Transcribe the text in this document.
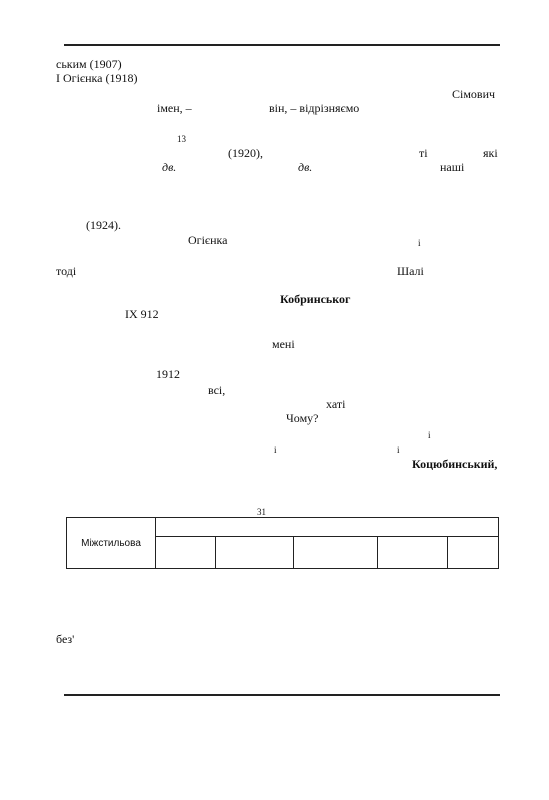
ським (1907)
І Огієнка (1918)
Сімович
імен, –	він, – відрізняємо
13
(1920),	ті	які
дв.	дв.	наші
(1924).
Огієнка	і
тоді	Шалі
Кобринськог
IX 912
мені
1912
всі,
хаті
Чому?
і
і	і
Коцюбинський,
31
Міжстильова
без'
